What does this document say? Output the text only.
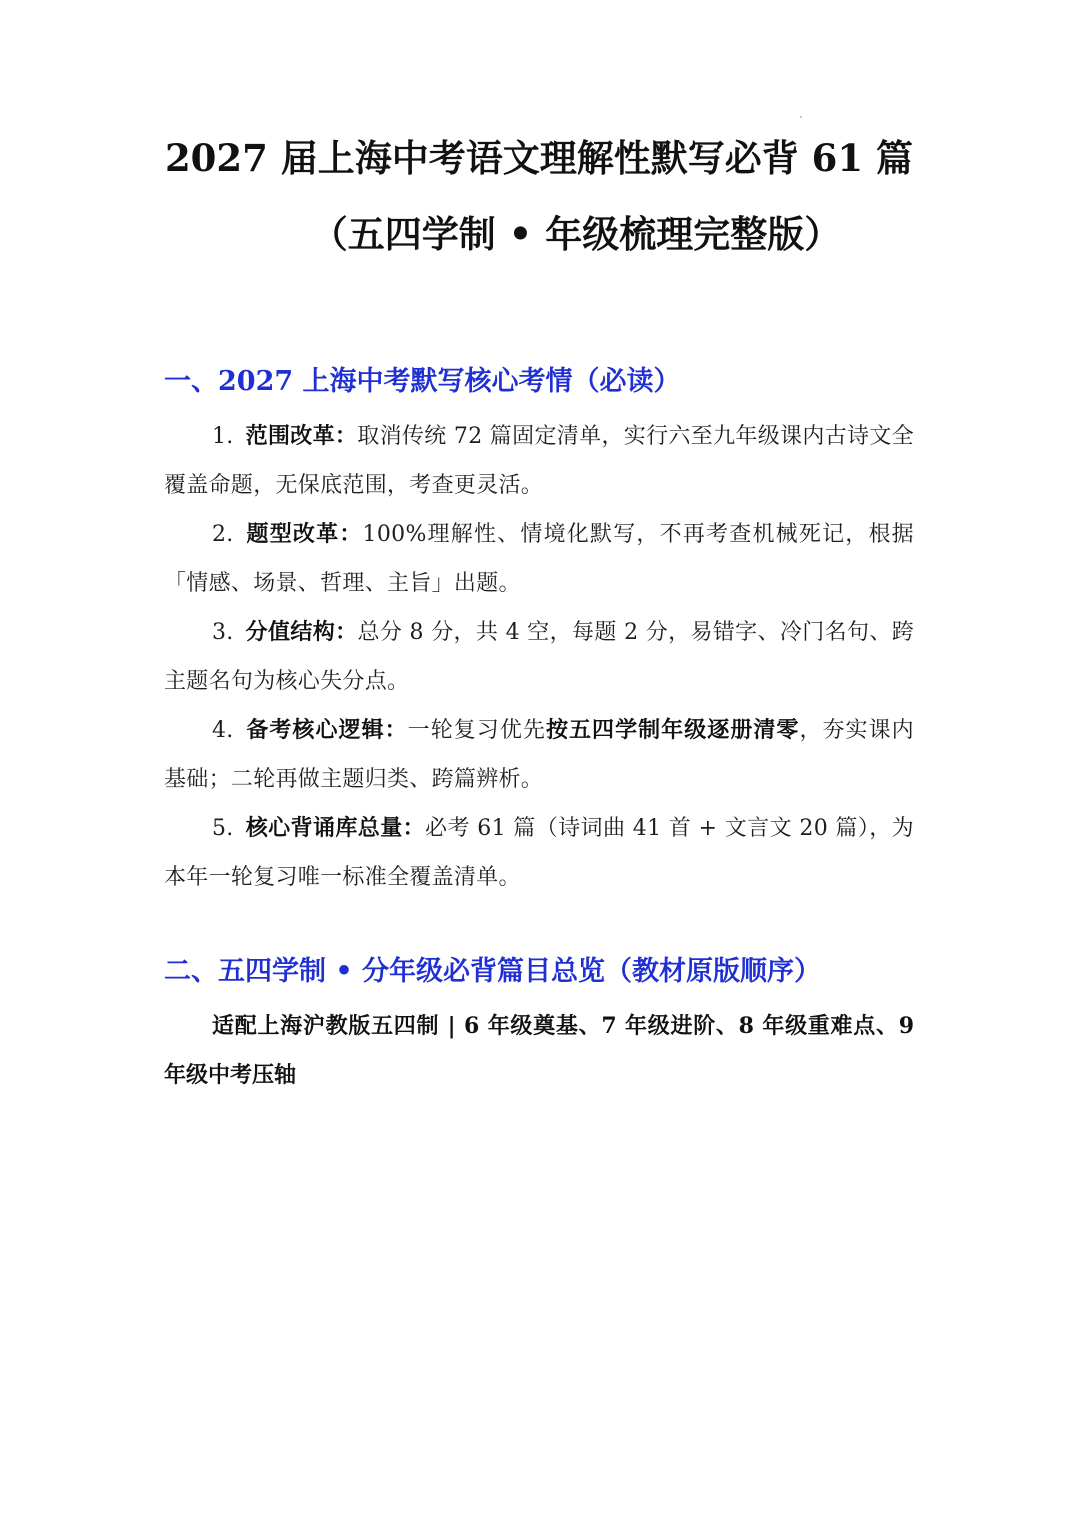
2027 届上海中考语文理解性默写必背 61 篇
（五四学制 • 年级梳理完整版）
一、2027 上海中考默写核心考情（必读）

1. 范围改革：取消传统 72 篇固定清单，实行六至九年级课内古诗文全覆盖命题，无保底范围，考查更灵活。

2. 题型改革：100%理解性、情境化默写，不再考查机械死记，根据「情感、场景、哲理、主旨」出题。

3. 分值结构：总分 8 分，共 4 空，每题 2 分，易错字、冷门名句、跨主题名句为核心失分点。

4. 备考核心逻辑：一轮复习优先按五四学制年级逐册清零，夯实课内基础；二轮再做主题归类、跨篇辨析。

5. 核心背诵库总量：必考 61 篇（诗词曲 41 首 + 文言文 20 篇），为本年一轮复习唯一标准全覆盖清单。

二、五四学制 • 分年级必背篇目总览（教材原版顺序）

适配上海沪教版五四制 | 6 年级奠基、7 年级进阶、8 年级重难点、9 年级中考压轴
